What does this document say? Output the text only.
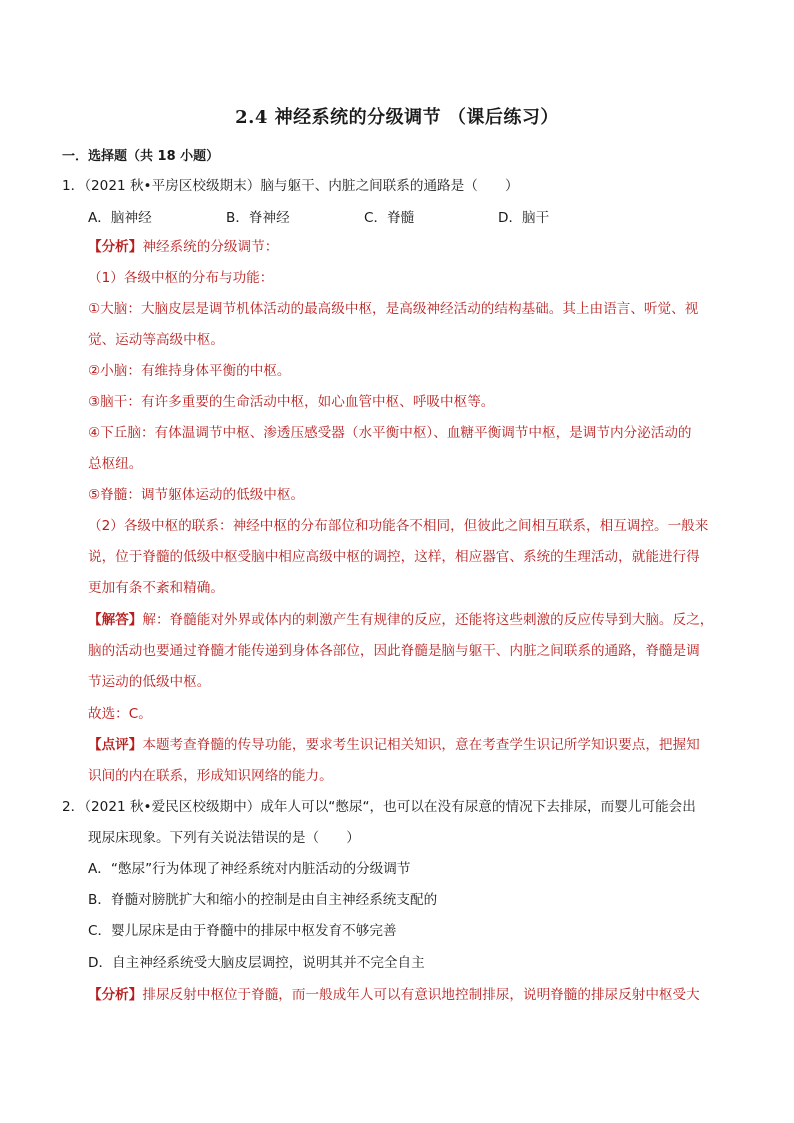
2.4 神经系统的分级调节 （课后练习）
一．选择题（共 18 小题）
1．（2021 秋•平房区校级期末）脑与躯干、内脏之间联系的通路是（　　）
A．脑神经	B．脊神经	C．脊髓	D．脑干
【分析】神经系统的分级调节：
（1）各级中枢的分布与功能：
①大脑：大脑皮层是调节机体活动的最高级中枢，是高级神经活动的结构基础。其上由语言、听觉、视
觉、运动等高级中枢。
②小脑：有维持身体平衡的中枢。
③脑干：有许多重要的生命活动中枢，如心血管中枢、呼吸中枢等。
④下丘脑：有体温调节中枢、渗透压感受器（水平衡中枢）、血糖平衡调节中枢，是调节内分泌活动的
总枢纽。
⑤脊髓：调节躯体运动的低级中枢。
（2）各级中枢的联系：神经中枢的分布部位和功能各不相同，但彼此之间相互联系，相互调控。一般来
说，位于脊髓的低级中枢受脑中相应高级中枢的调控，这样，相应器官、系统的生理活动，就能进行得
更加有条不紊和精确。
【解答】解：脊髓能对外界或体内的刺激产生有规律的反应，还能将这些刺激的反应传导到大脑。反之，
脑的活动也要通过脊髓才能传递到身体各部位，因此脊髓是脑与躯干、内脏之间联系的通路，脊髓是调
节运动的低级中枢。
故选：C。
【点评】本题考查脊髓的传导功能，要求考生识记相关知识，意在考查学生识记所学知识要点，把握知
识间的内在联系，形成知识网络的能力。
2．（2021 秋•爱民区校级期中）成年人可以“憋尿“，也可以在没有尿意的情况下去排尿，而婴儿可能会出
现尿床现象。下列有关说法错误的是（　　）
A．“憋尿”行为体现了神经系统对内脏活动的分级调节
B．脊髓对膀胱扩大和缩小的控制是由自主神经系统支配的
C．婴儿尿床是由于脊髓中的排尿中枢发育不够完善
D．自主神经系统受大脑皮层调控，说明其并不完全自主
【分析】排尿反射中枢位于脊髓，而一般成年人可以有意识地控制排尿，说明脊髓的排尿反射中枢受大
